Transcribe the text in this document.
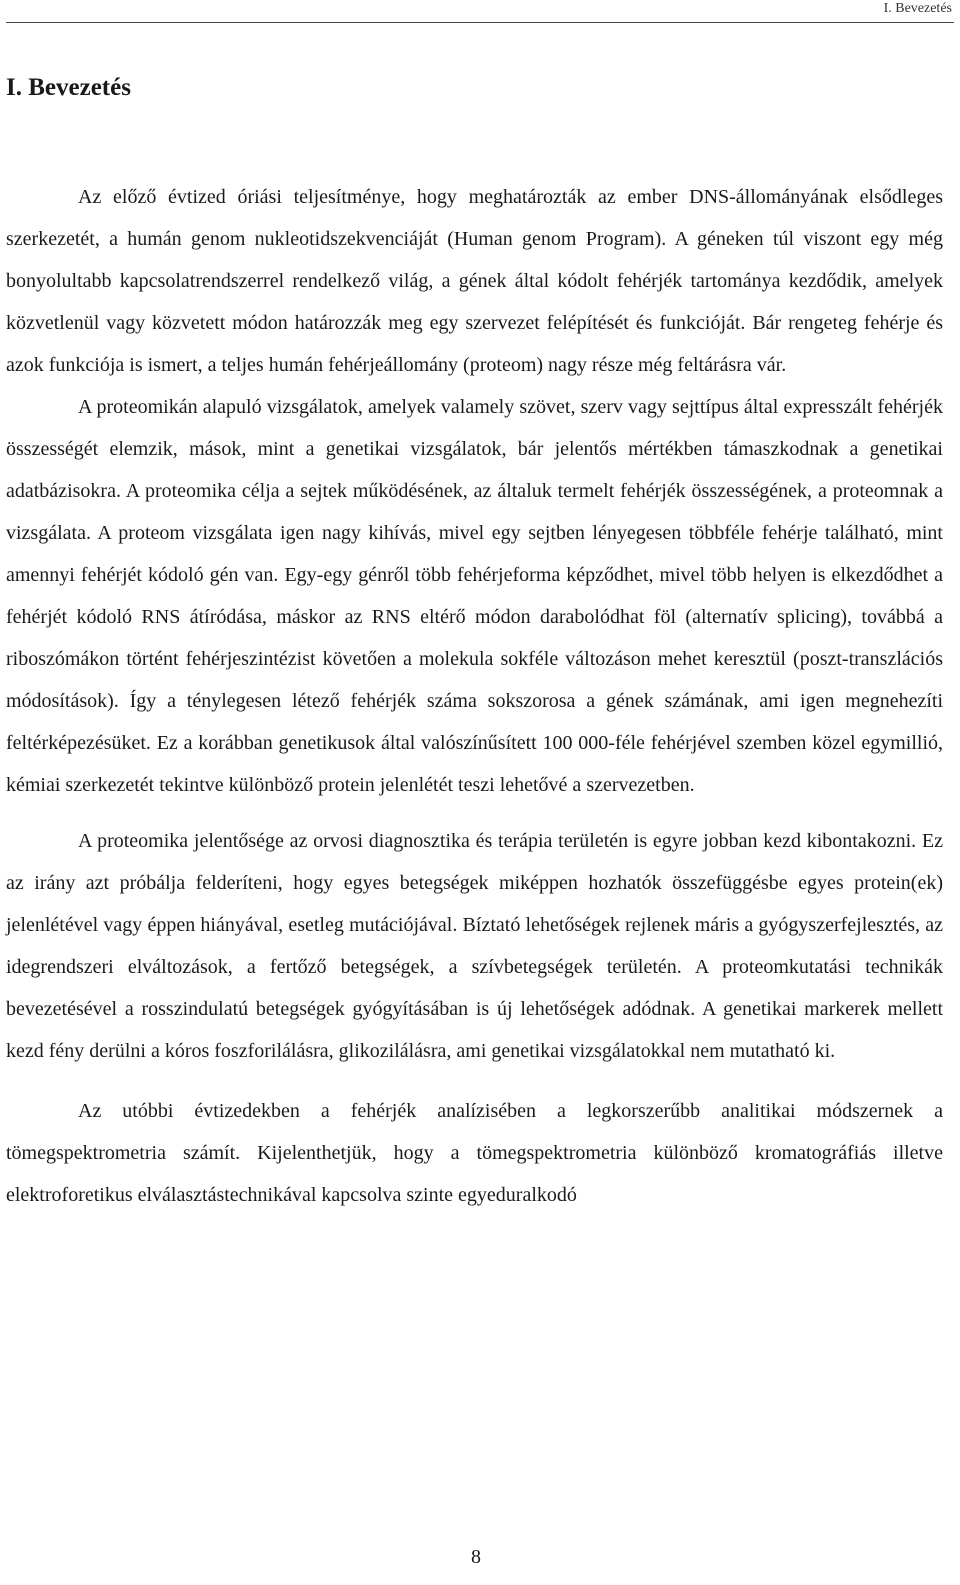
I. Bevezetés
I. Bevezetés

Az előző évtized óriási teljesítménye, hogy meghatározták az ember DNS-állományának elsődleges szerkezetét, a humán genom nukleotidszekvenciáját (Human genom Program). A géneken túl viszont egy még bonyolultabb kapcsolatrendszerrel rendelkező világ, a gének által kódolt fehérjék tartománya kezdődik, amelyek közvetlenül vagy közvetett módon határozzák meg egy szervezet felépítését és funkcióját. Bár rengeteg fehérje és azok funkciója is ismert, a teljes humán fehérjeállomány (proteom) nagy része még feltárásra vár.

A proteomikán alapuló vizsgálatok, amelyek valamely szövet, szerv vagy sejttípus által expresszált fehérjék összességét elemzik, mások, mint a genetikai vizsgálatok, bár jelentős mértékben támaszkodnak a genetikai adatbázisokra. A proteomika célja a sejtek működésének, az általuk termelt fehérjék összességének, a proteomnak a vizsgálata. A proteom vizsgálata igen nagy kihívás, mivel egy sejtben lényegesen többféle fehérje található, mint amennyi fehérjét kódoló gén van. Egy-egy génről több fehérjeforma képződhet, mivel több helyen is elkezdődhet a fehérjét kódoló RNS átíródása, máskor az RNS eltérő módon darabolódhat föl (alternatív splicing), továbbá a riboszómákon történt fehérjeszintézist követően a molekula sokféle változáson mehet keresztül (poszt-transzlációs módosítások). Így a ténylegesen létező fehérjék száma sokszorosa a gének számának, ami igen megnehezíti feltérképezésüket. Ez a korábban genetikusok által valószínűsített 100 000-féle fehérjével szemben közel egymillió, kémiai szerkezetét tekintve különböző protein jelenlétét teszi lehetővé a szervezetben.

A proteomika jelentősége az orvosi diagnosztika és terápia területén is egyre jobban kezd kibontakozni. Ez az irány azt próbálja felderíteni, hogy egyes betegségek miképpen hozhatók összefüggésbe egyes protein(ek) jelenlétével vagy éppen hiányával, esetleg mutációjával. Bíztató lehetőségek rejlenek máris a gyógyszerfejlesztés, az idegrendszeri elváltozások, a fertőző betegségek, a szívbetegségek területén. A proteomkutatási technikák bevezetésével a rosszindulatú betegségek gyógyításában is új lehetőségek adódnak. A genetikai markerek mellett kezd fény derülni a kóros foszforilálásra, glikozilálásra, ami genetikai vizsgálatokkal nem mutatható ki.

Az utóbbi évtizedekben a fehérjék analízisében a legkorszerűbb analitikai módszernek a tömegspektrometria számít. Kijelenthetjük, hogy a tömegspektrometria különböző kromatográfiás illetve elektroforetikus elválasztástechnikával kapcsolva szinte egyeduralkodó

8
